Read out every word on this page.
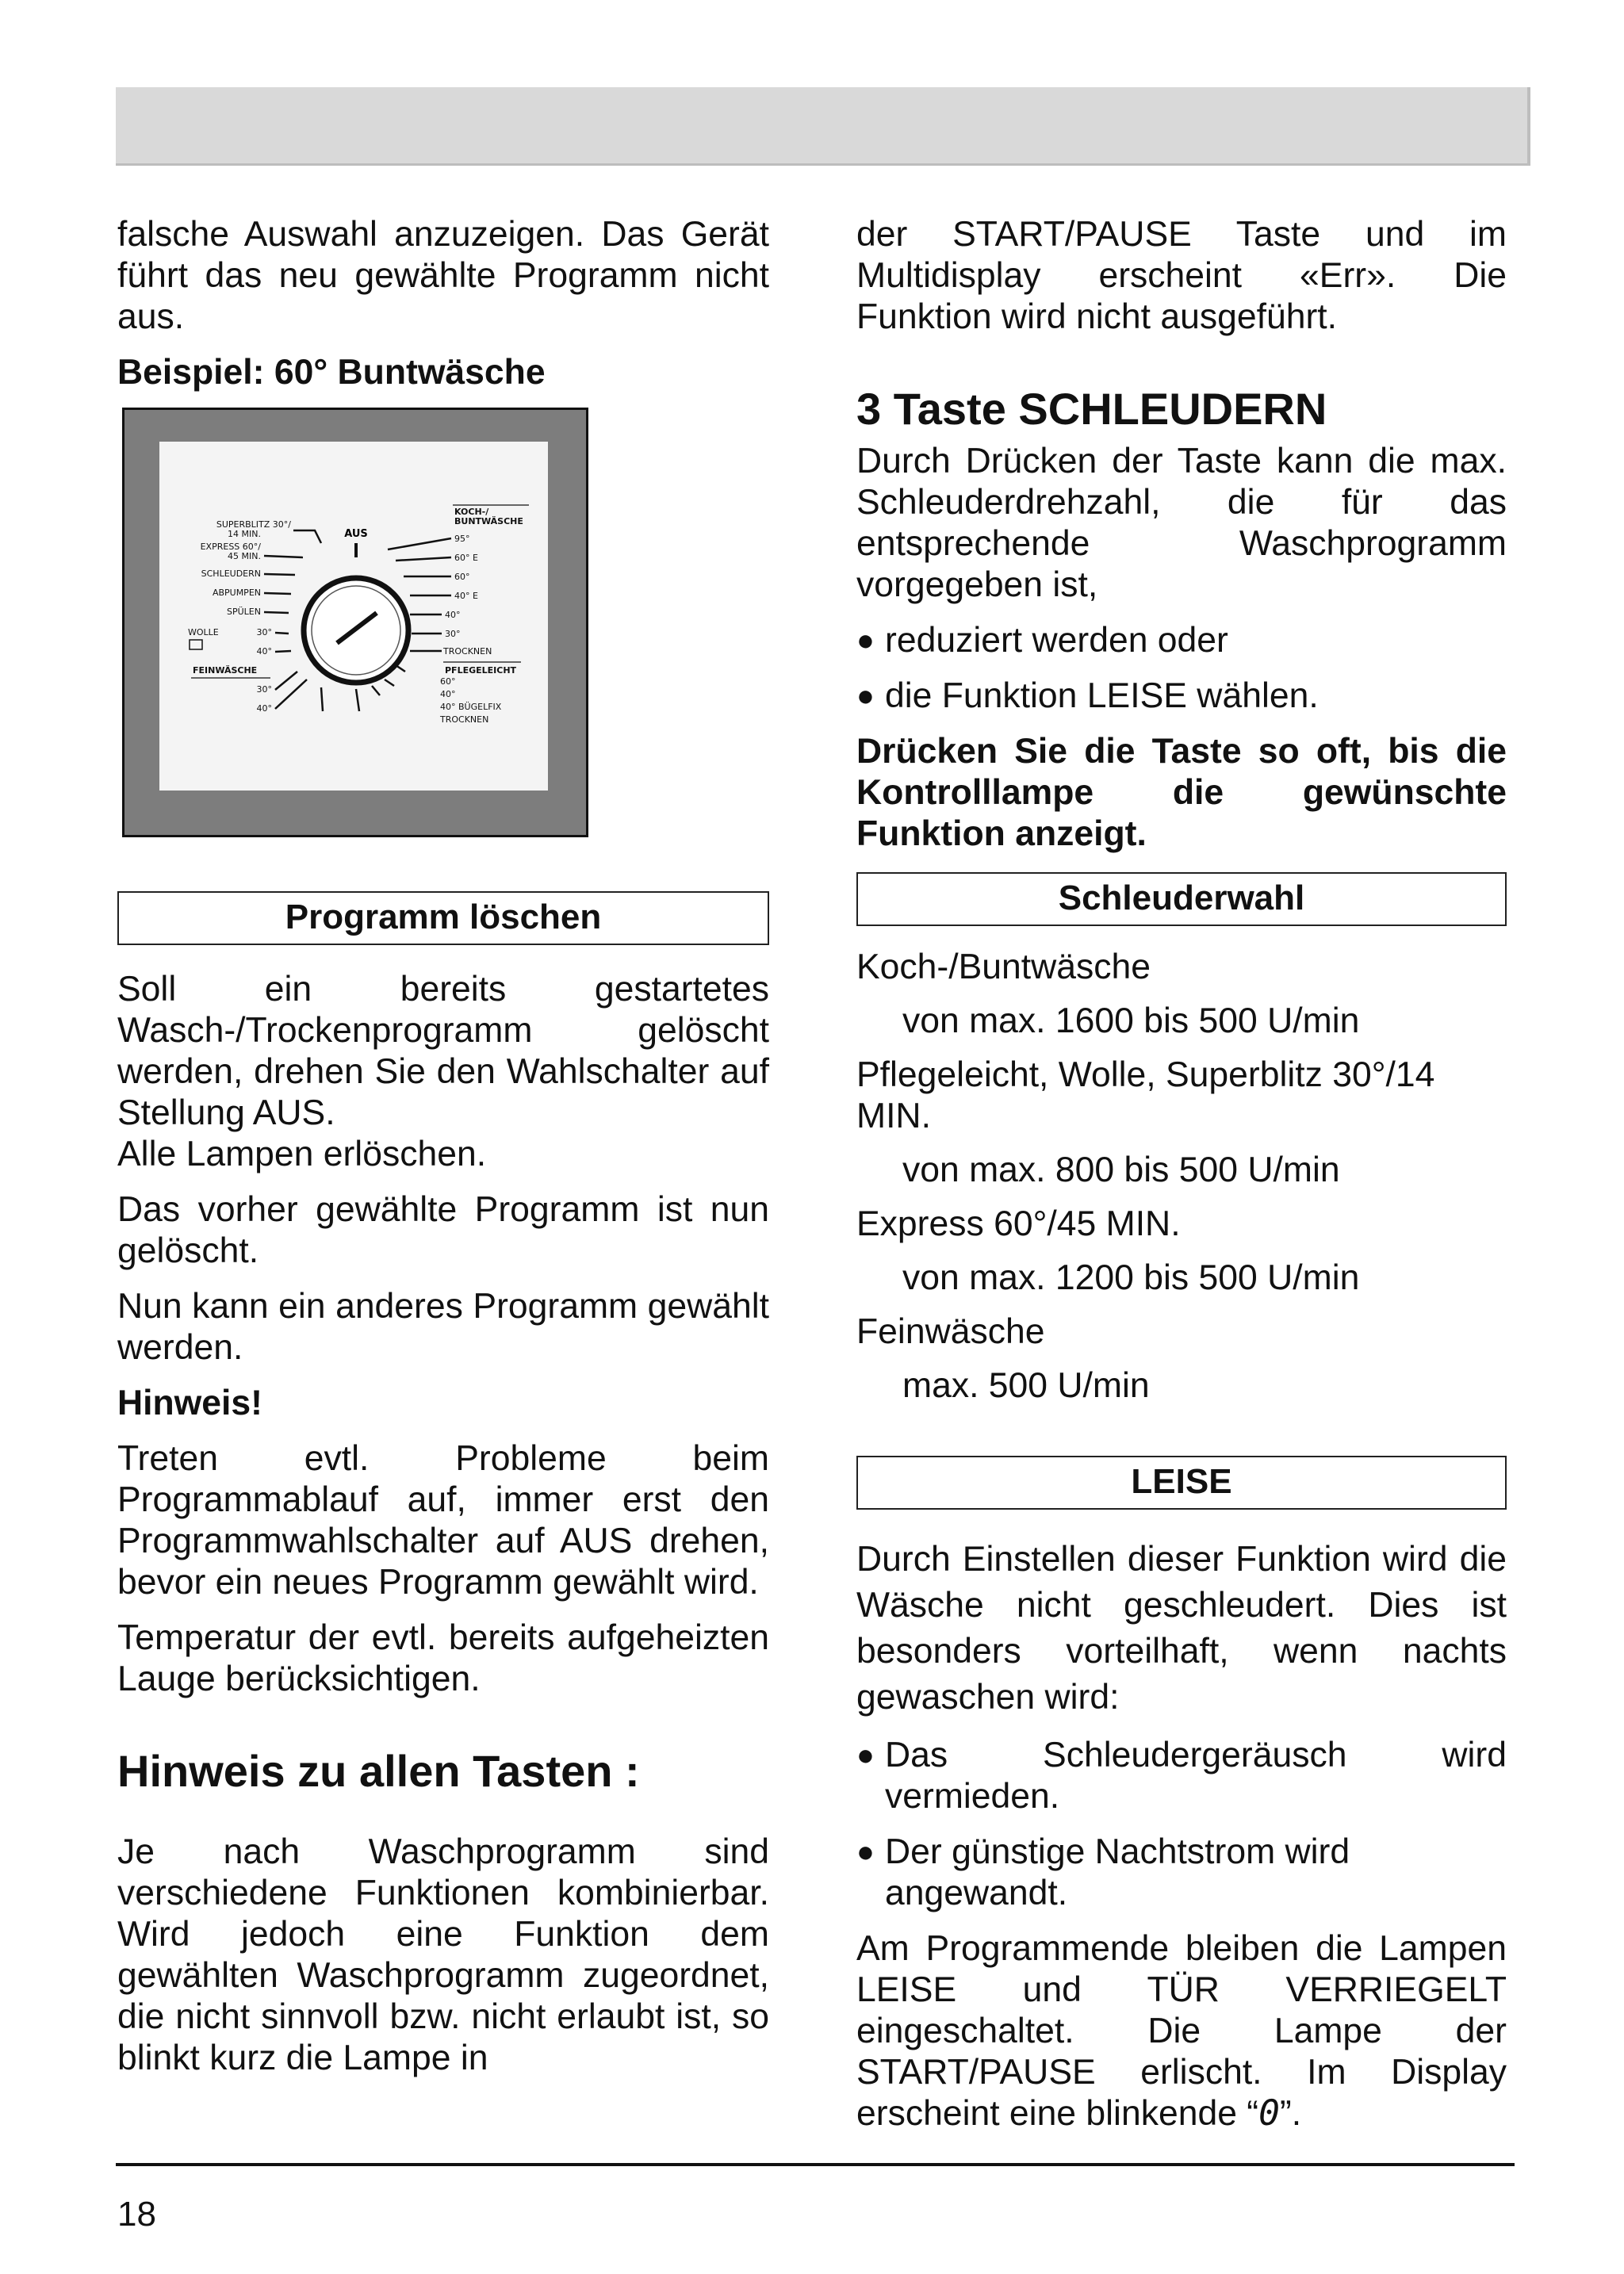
falsche Auswahl anzuzeigen. Das Gerät führt das neu gewählte Programm nicht aus.

Beispiel: 60° Buntwäsche

AUS
SUPERBLITZ 30°/
14 MIN.
EXPRESS 60°/
45 MIN.
SCHLEUDERN
ABPUMPEN
SPÜLEN
WOLLE	30°
40°
FEINWÄSCHE
30°
40°
KOCH-/
BUNTWÄSCHE
95°
60° E
60°
40° E
40°
30°
TROCKNEN
PFLEGELEICHT
60°
40°
40° BÜGELFIX
TROCKNEN
Programm löschen

Soll ein bereits gestartetes Wasch-/Trockenprogramm gelöscht werden, drehen Sie den Wahlschalter auf Stellung AUS.

Alle Lampen erlöschen.

Das vorher gewählte Programm ist nun gelöscht.

Nun kann ein anderes Programm gewählt werden.

Hinweis!

Treten evtl. Probleme beim Programmablauf auf, immer erst den Programmwahlschalter auf AUS drehen, bevor ein neues Programm gewählt wird.

Temperatur der evtl. bereits aufgeheizten Lauge berücksichtigen.

Hinweis zu allen Tasten :

Je nach Waschprogramm sind verschiedene Funktionen kombinierbar. Wird jedoch eine Funktion dem gewählten Waschprogramm zugeordnet, die nicht sinnvoll bzw. nicht erlaubt ist, so blinkt kurz die Lampe in

der START/PAUSE Taste und im Multidisplay erscheint «Err». Die Funktion wird nicht ausgeführt.

3 Taste SCHLEUDERN

Durch Drücken der Taste kann die max. Schleuderdrehzahl, die für das entsprechende Waschprogramm vorgegeben ist,

● reduziert werden oder
● die Funktion LEISE wählen.

Drücken Sie die Taste so oft, bis die Kontrolllampe die gewünschte Funktion anzeigt.

Schleuderwahl

Koch-/Buntwäsche

von max. 1600 bis 500 U/min

Pflegeleicht, Wolle, Superblitz 30°/14 MIN.

von max. 800 bis 500 U/min

Express 60°/45 MIN.

von max. 1200 bis 500 U/min

Feinwäsche

max. 500 U/min

LEISE

Durch Einstellen dieser Funktion wird die Wäsche nicht geschleudert. Dies ist besonders vorteilhaft, wenn nachts gewaschen wird:

● Das Schleudergeräusch wird vermieden.
● Der günstige Nachtstrom wird angewandt.

Am Programmende bleiben die Lampen LEISE und TÜR VERRIEGELT eingeschaltet. Die Lampe der START/PAUSE erlischt. Im Display erscheint eine blinkende “0”.

18
